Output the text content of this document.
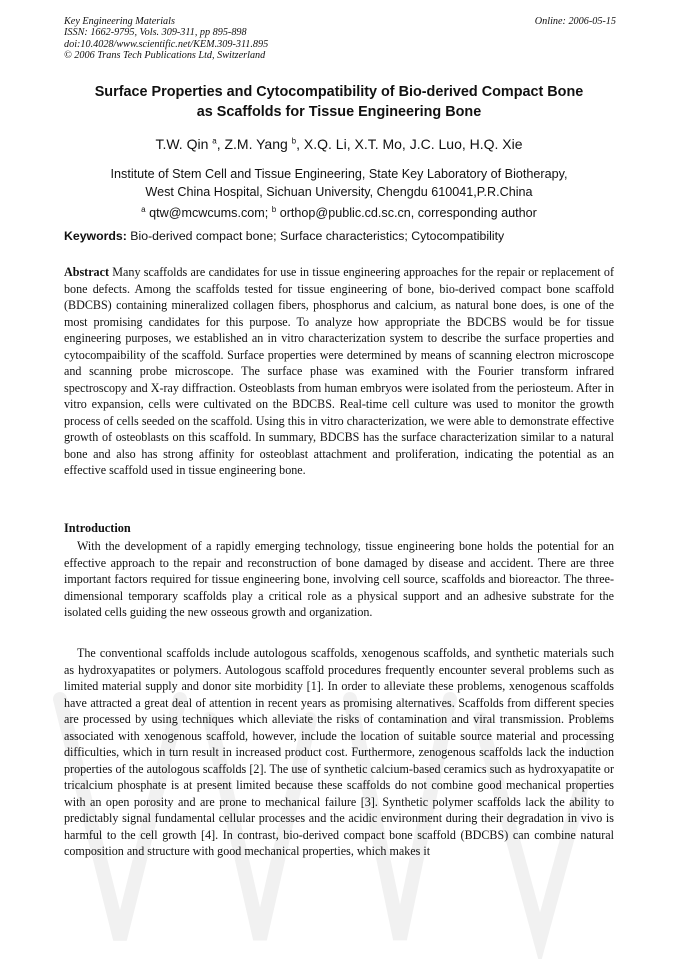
Key Engineering Materials
ISSN: 1662-9795, Vols. 309-311, pp 895-898
doi:10.4028/www.scientific.net/KEM.309-311.895
© 2006 Trans Tech Publications Ltd, Switzerland
Online: 2006-05-15
Surface Properties and Cytocompatibility of Bio-derived Compact Bone
as Scaffolds for Tissue Engineering Bone
T.W. Qin $^a$, Z.M. Yang $^b$, X.Q. Li, X.T. Mo, J.C. Luo, H.Q. Xie
Institute of Stem Cell and Tissue Engineering, State Key Laboratory of Biotherapy,
West China Hospital, Sichuan University, Chengdu 610041,P.R.China
$^a$ qtw@mcwcums.com; $^b$ orthop@public.cd.sc.cn, corresponding author
Keywords: Bio-derived compact bone; Surface characteristics; Cytocompatibility
Abstract Many scaffolds are candidates for use in tissue engineering approaches for the repair or replacement of bone defects. Among the scaffolds tested for tissue engineering of bone, bio-derived compact bone scaffold (BDCBS) containing mineralized collagen fibers, phosphorus and calcium, as natural bone does, is one of the most promising candidates for this purpose. To analyze how appropriate the BDCBS would be for tissue engineering purposes, we established an in vitro characterization system to describe the surface properties and cytocompaibility of the scaffold. Surface properties were determined by means of scanning electron microscope and scanning probe microscope. The surface phase was examined with the Fourier transform infrared spectroscopy and X-ray diffraction. Osteoblasts from human embryos were isolated from the periosteum. After in vitro expansion, cells were cultivated on the BDCBS. Real-time cell culture was used to monitor the growth process of cells seeded on the scaffold. Using this in vitro characterization, we were able to demonstrate effective growth of osteoblasts on this scaffold. In summary, BDCBS has the surface characterization similar to a natural bone and also has strong affinity for osteoblast attachment and proliferation, indicating the potential as an effective scaffold used in tissue engineering bone.
Introduction
With the development of a rapidly emerging technology, tissue engineering bone holds the potential for an effective approach to the repair and reconstruction of bone damaged by disease and accident. There are three important factors required for tissue engineering bone, involving cell source, scaffolds and bioreactor. The three-dimensional temporary scaffolds play a critical role as a physical support and an adhesive substrate for the isolated cells guiding the new osseous growth and organization.
The conventional scaffolds include autologous scaffolds, xenogenous scaffolds, and synthetic materials such as hydroxyapatites or polymers. Autologous scaffold procedures frequently encounter several problems such as limited material supply and donor site morbidity [1]. In order to alleviate these problems, xenogenous scaffolds have attracted a great deal of attention in recent years as promising alternatives. Scaffolds from different species are processed by using techniques which alleviate the risks of contamination and viral transmission. Problems associated with xenogenous scaffold, however, include the location of suitable source material and processing difficulties, which in turn result in increased product cost. Furthermore, zenogenous scaffolds lack the induction properties of the autologous scaffolds [2]. The use of synthetic calcium-based ceramics such as hydroxyapatite or tricalcium phosphate is at present limited because these scaffolds do not combine good mechanical properties with an open porosity and are prone to mechanical failure [3]. Synthetic polymer scaffolds lack the ability to predictably signal fundamental cellular processes and the acidic environment during their degradation in vivo is harmful to the cell growth [4]. In contrast, bio-derived compact bone scaffold (BDCBS) can combine natural composition and structure with good mechanical properties, which makes it
